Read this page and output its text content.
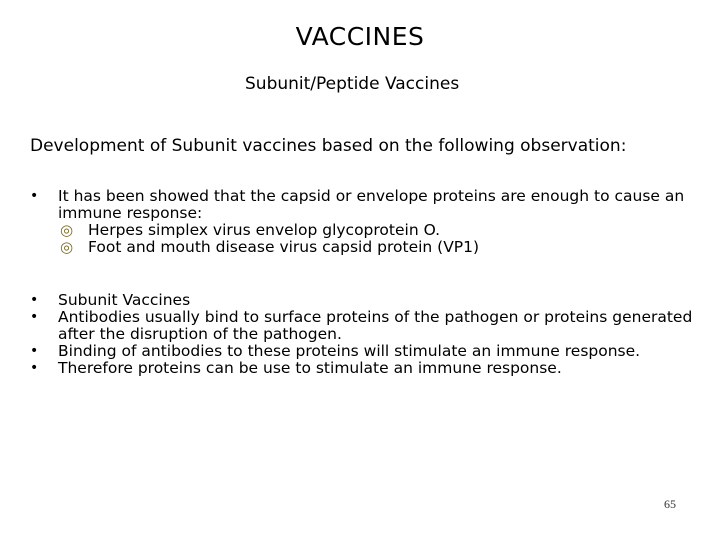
VACCINES
Subunit/Peptide Vaccines

Development of Subunit vaccines based on the following observation:

• It has been showed that the capsid or envelope proteins are enough to cause an immune response:
◎ Herpes simplex virus envelop glycoprotein O.
◎ Foot and mouth disease virus capsid protein (VP1)
• Subunit Vaccines
• Antibodies usually bind to surface proteins of the pathogen or proteins generated after the disruption of the pathogen.
• Binding of antibodies to these proteins will stimulate an immune response.
• Therefore proteins can be use to stimulate an immune response.
65
